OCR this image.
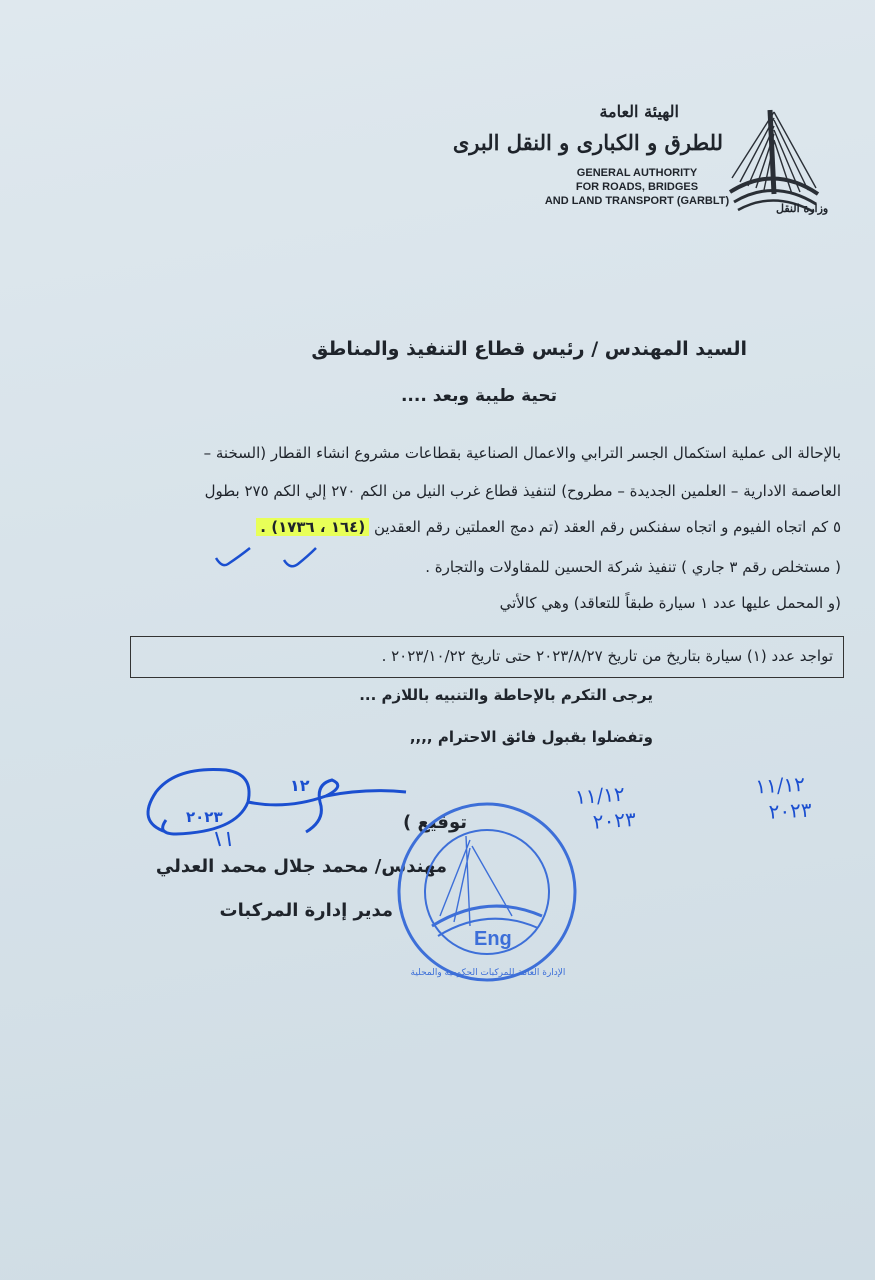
وزارة النقل
الهيئة العامة
للطرق و الكبارى و النقل البرى
GENERAL AUTHORITY
FOR ROADS, BRIDGES
AND LAND TRANSPORT (GARBLT)
السيد المهندس / رئيس قطاع التنفيذ والمناطق
تحية طيبة وبعد ....
بالإحالة الى عملية استكمال الجسر الترابي والاعمال الصناعية بقطاعات مشروع انشاء القطار (السخنة –
العاصمة الادارية – العلمين الجديدة – مطروح) لتنفيذ قطاع غرب النيل من الكم ٢٧٠ إلي الكم ٢٧٥ بطول
٥ كم اتجاه الفيوم و اتجاه سفنكس رقم العقد (تم دمج العملتين رقم العقدين (١٦٤ ، ١٧٣٦) .
( مستخلص رقم ٣ جاري ) تنفيذ شركة الحسين للمقاولات والتجارة .
(و المحمل عليها عدد ١ سيارة طبقاً للتعاقد) وهي كالأتي
تواجد عدد (١) سيارة بتاريخ من تاريخ ٢٠٢٣/٨/٢٧ حتى تاريخ ٢٠٢٣/١٠/٢٢ .
يرجى التكرم بالإحاطة والتنبيه باللازم ...
وتفضلوا بقبول فائق الاحترام ,,,,
١١/١٢
٢٠٢٣
١١/١٢
٢٠٢٣
١٢
٢٠٢٣	توقيع )
مهندس/ محمد جلال محمد العدلي
مدير إدارة المركبات
Eng
الإدارة العامة للمركبات الحكومية والمحلية
